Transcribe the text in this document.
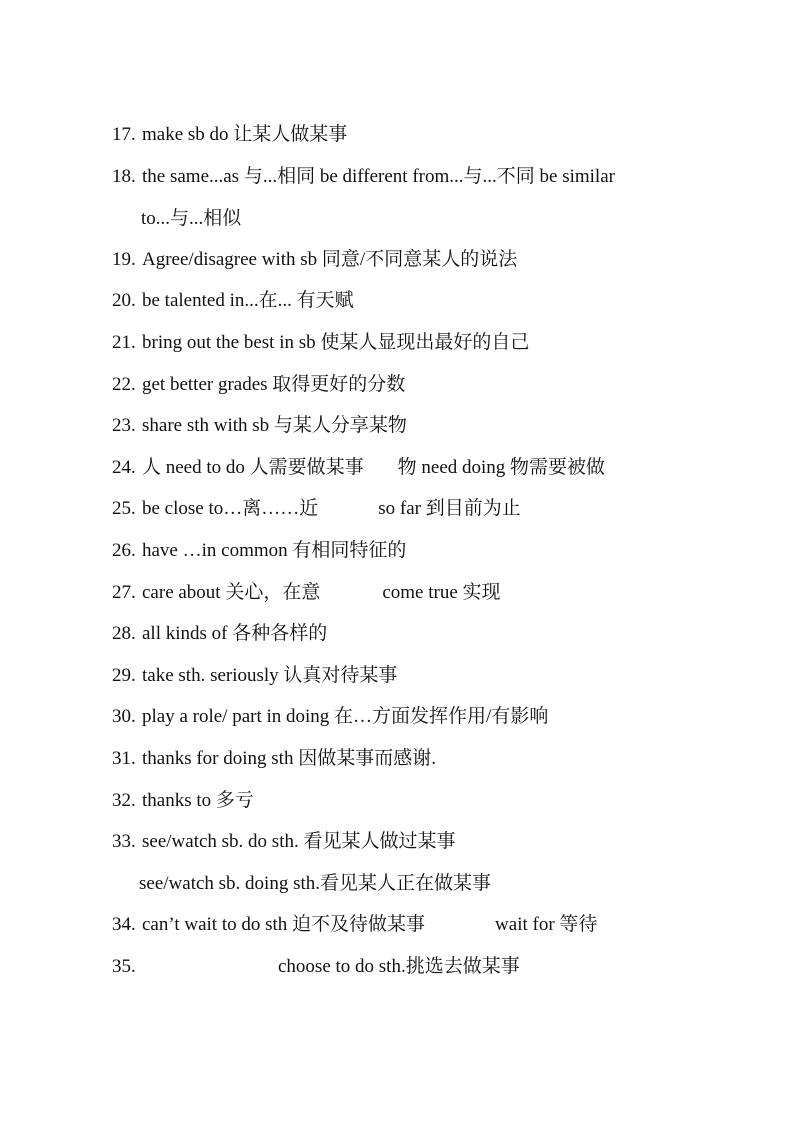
17. make sb do 让某人做某事
18. the same...as 与...相同 be different from...与...不同 be similar
to...与...相似
19. Agree/disagree with sb 同意/不同意某人的说法
20. be talented in...在... 有天赋
21. bring out the best in sb 使某人显现出最好的自己
22. get better grades 取得更好的分数
23. share sth with sb 与某人分享某物
24. 人 need to do 人需要做某事 物 need doing 物需要被做
25. be close to…离……近	so far 到目前为止
26. have …in common 有相同特征的
27. care about 关心，在意	come true 实现
28. all kinds of 各种各样的
29. take sth. seriously 认真对待某事
30. play a role/ part in doing 在…方面发挥作用/有影响
31. thanks for doing sth 因做某事而感谢.
32. thanks to 多亏
33. see/watch sb. do sth. 看见某人做过某事
see/watch sb. doing sth.看见某人正在做某事
34. can’t wait to do sth 迫不及待做某事	wait for 等待
35.	choose to do sth.挑选去做某事
